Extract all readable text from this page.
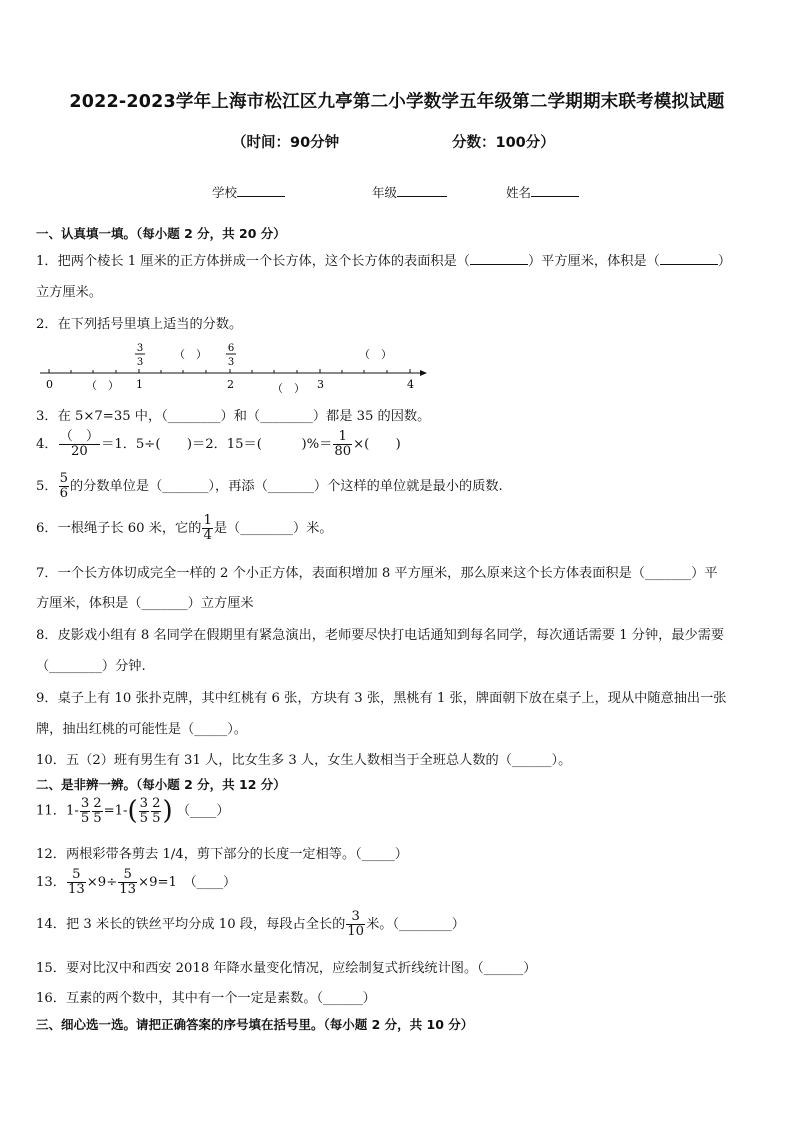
2022-2023学年上海市松江区九亭第二小学数学五年级第二学期期末联考模拟试题
（时间：90分钟	分数：100分）
学校	年级	姓名
一、认真填一填。（每小题 2 分，共 20 分）
1．把两个棱长 1 厘米的正方体拼成一个长方体，这个长方体的表面积是（	）平方厘米，体积是（	）
立方厘米。
2．在下列括号里填上适当的分数。
0	1	2	3	4
3
3
（　） 6
3
（　）
（　）	（　）
3．在 5×7=35 中，（________）和（________）都是 35 的因数。
4． $\frac{( )}{20} =1$．5÷(　　)＝2．15＝(　　　)%＝ $\frac{1}{80}$ ×(　　)
5． $\frac{5}{6}$ 的分数单位是（_______），再添（_______）个这样的单位就是最小的质数.
6．一根绳子长 60 米，它的 $\frac{1}{4}$ 是（________）米。
7．一个长方体切成完全一样的 2 个小正方体，表面积增加 8 平方厘米，那么原来这个长方体表面积是（_______）平
方厘米，体积是（_______）立方厘米
8．皮影戏小组有 8 名同学在假期里有紧急演出，老师要尽快打电话通知到每名同学，每次通话需要 1 分钟，最少需要
（________）分钟.
9．桌子上有 10 张扑克牌，其中红桃有 6 张，方块有 3 张，黑桃有 1 张，牌面朝下放在桌子上，现从中随意抽出一张
牌，抽出红桃的可能性是（_____）。
10．五（2）班有男生有 31 人，比女生多 3 人，女生人数相当于全班总人数的（______）。
二、是非辨一辨。（每小题 2 分，共 12 分）
11．$1- \frac{3}{5} \frac{2}{5} =1-( \frac{3}{5} \frac{2}{5}$ ) （____）
12．两根彩带各剪去 1/4，剪下部分的长度一定相等。（_____）
13． $\frac{5}{13} \times 9\div \frac{5}{13} \times 9=1$　（____）
14．把 3 米长的铁丝平均分成 10 段，每段占全长的 $\frac{3}{10}$ 米。（________）
15．要对比汉中和西安 2018 年降水量变化情况，应绘制复式折线统计图。（______）
16．互素的两个数中，其中有一个一定是素数。（______）
三、细心选一选。请把正确答案的序号填在括号里。（每小题 2 分，共 10 分）
